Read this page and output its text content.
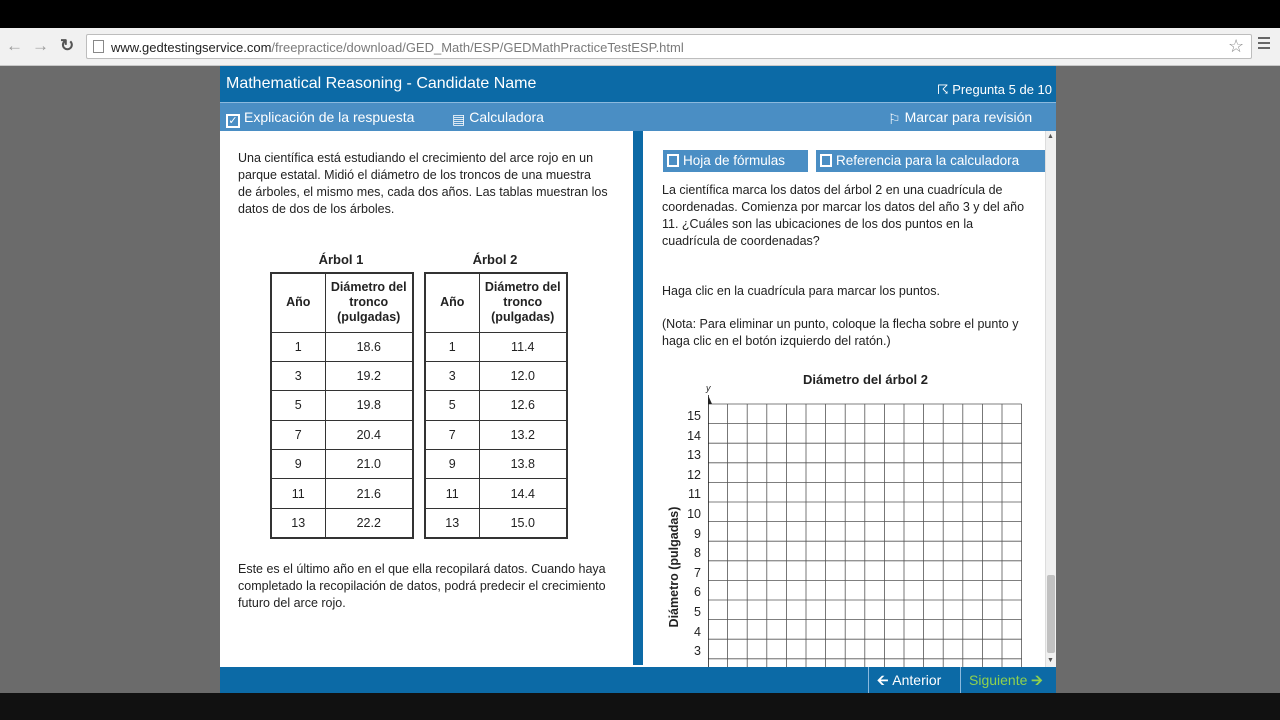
← → ↻	www.gedtestingservice.com/freepractice/download/GED_Math/ESP/GEDMathPracticeTestESP.html	☆
Mathematical Reasoning - Candidate Name	☈ Pregunta 5 de 10
✓ Explicación de la respuesta	▤ Calculadora	⚐ Marcar para revisión

Una científica está estudiando el crecimiento del arce rojo en un parque estatal. Midió el diámetro de los troncos de una muestra de árboles, el mismo mes, cada dos años. Las tablas muestran los datos de dos de los árboles.

Árbol 1
Año	Diámetro del tronco (pulgadas)
1	18.6
3	19.2
5	19.8
7	20.4
9	21.0
11	21.6
13	22.2
Árbol 2
Año	Diámetro del tronco (pulgadas)
1	11.4
3	12.0
5	12.6
7	13.2
9	13.8
11	14.4
13	15.0

Este es el último año en el que ella recopilará datos. Cuando haya completado la recopilación de datos, podrá predecir el crecimiento futuro del arce rojo.

Hoja de fórmulas	Referencia para la calculadora

La científica marca los datos del árbol 2 en una cuadrícula de coordenadas. Comienza por marcar los datos del año 3 y del año 11. ¿Cuáles son las ubicaciones de los dos puntos en la cuadrícula de coordenadas?

Haga clic en la cuadrícula para marcar los puntos.

(Nota: Para eliminar un punto, coloque la flecha sobre el punto y haga clic en el botón izquierdo del ratón.)

Diámetro del árbol 2
Diámetro (pulgadas)
y
15
14
13
12
11
10
9
8
7
6
5
4
3
▲
▼
🡨 Anterior	Siguiente 🡪
